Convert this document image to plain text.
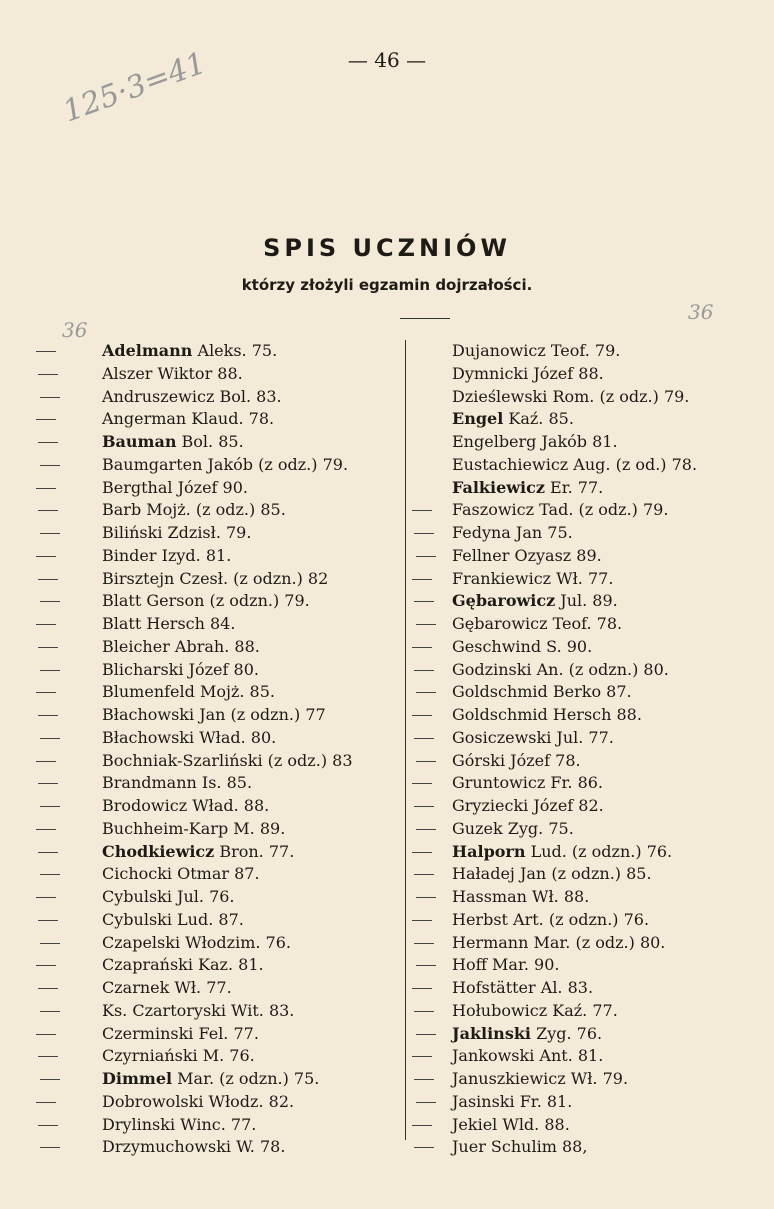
125·3=41
36
36
— 46 —
SPIS UCZNIÓW
którzy złożyli egzamin dojrzałości.
Adelmann Aleks. 75.
Alszer Wiktor 88.
Andruszewicz Bol. 83.
Angerman Klaud. 78.
Bauman Bol. 85.
Baumgarten Jakób (z odz.) 79.
Bergthal Józef 90.
Barb Mojż. (z odz.) 85.
Biliński Zdzisł. 79.
Binder Izyd. 81.
Birsztejn Czesł. (z odzn.) 82
Blatt Gerson (z odzn.) 79.
Blatt Hersch 84.
Bleicher Abrah. 88.
Blicharski Józef 80.
Blumenfeld Mojż. 85.
Błachowski Jan (z odzn.) 77
Błachowski Wład. 80.
Bochniak-Szarliński (z odz.) 83
Brandmann Is. 85.
Brodowicz Wład. 88.
Buchheim-Karp M. 89.
Chodkiewicz Bron. 77.
Cichocki Otmar 87.
Cybulski Jul. 76.
Cybulski Lud. 87.
Czapelski Włodzim. 76.
Czaprański Kaz. 81.
Czarnek Wł. 77.
Ks. Czartoryski Wit. 83.
Czerminski Fel. 77.
Czyrniański M. 76.
Dimmel Mar. (z odzn.) 75.
Dobrowolski Włodz. 82.
Drylinski Winc. 77.
Drzymuchowski W. 78.
Dujanowicz Teof. 79.
Dymnicki Józef 88.
Dzieślewski Rom. (z odz.) 79.
Engel Kaź. 85.
Engelberg Jakób 81.
Eustachiewicz Aug. (z od.) 78.
Falkiewicz Er. 77.
Faszowicz Tad. (z odz.) 79.
Fedyna Jan 75.
Fellner Ozyasz 89.
Frankiewicz Wł. 77.
Gębarowicz Jul. 89.
Gębarowicz Teof. 78.
Geschwind S. 90.
Godzinski An. (z odzn.) 80.
Goldschmid Berko 87.
Goldschmid Hersch 88.
Gosiczewski Jul. 77.
Górski Józef 78.
Gruntowicz Fr. 86.
Gryziecki Józef 82.
Guzek Zyg. 75.
Halporn Lud. (z odzn.) 76.
Haładej Jan (z odzn.) 85.
Hassman Wł. 88.
Herbst Art. (z odzn.) 76.
Hermann Mar. (z odz.) 80.
Hoff Mar. 90.
Hofstätter Al. 83.
Hołubowicz Kaź. 77.
Jaklinski Zyg. 76.
Jankowski Ant. 81.
Januszkiewicz Wł. 79.
Jasinski Fr. 81.
Jekiel Wld. 88.
Juer Schulim 88,
